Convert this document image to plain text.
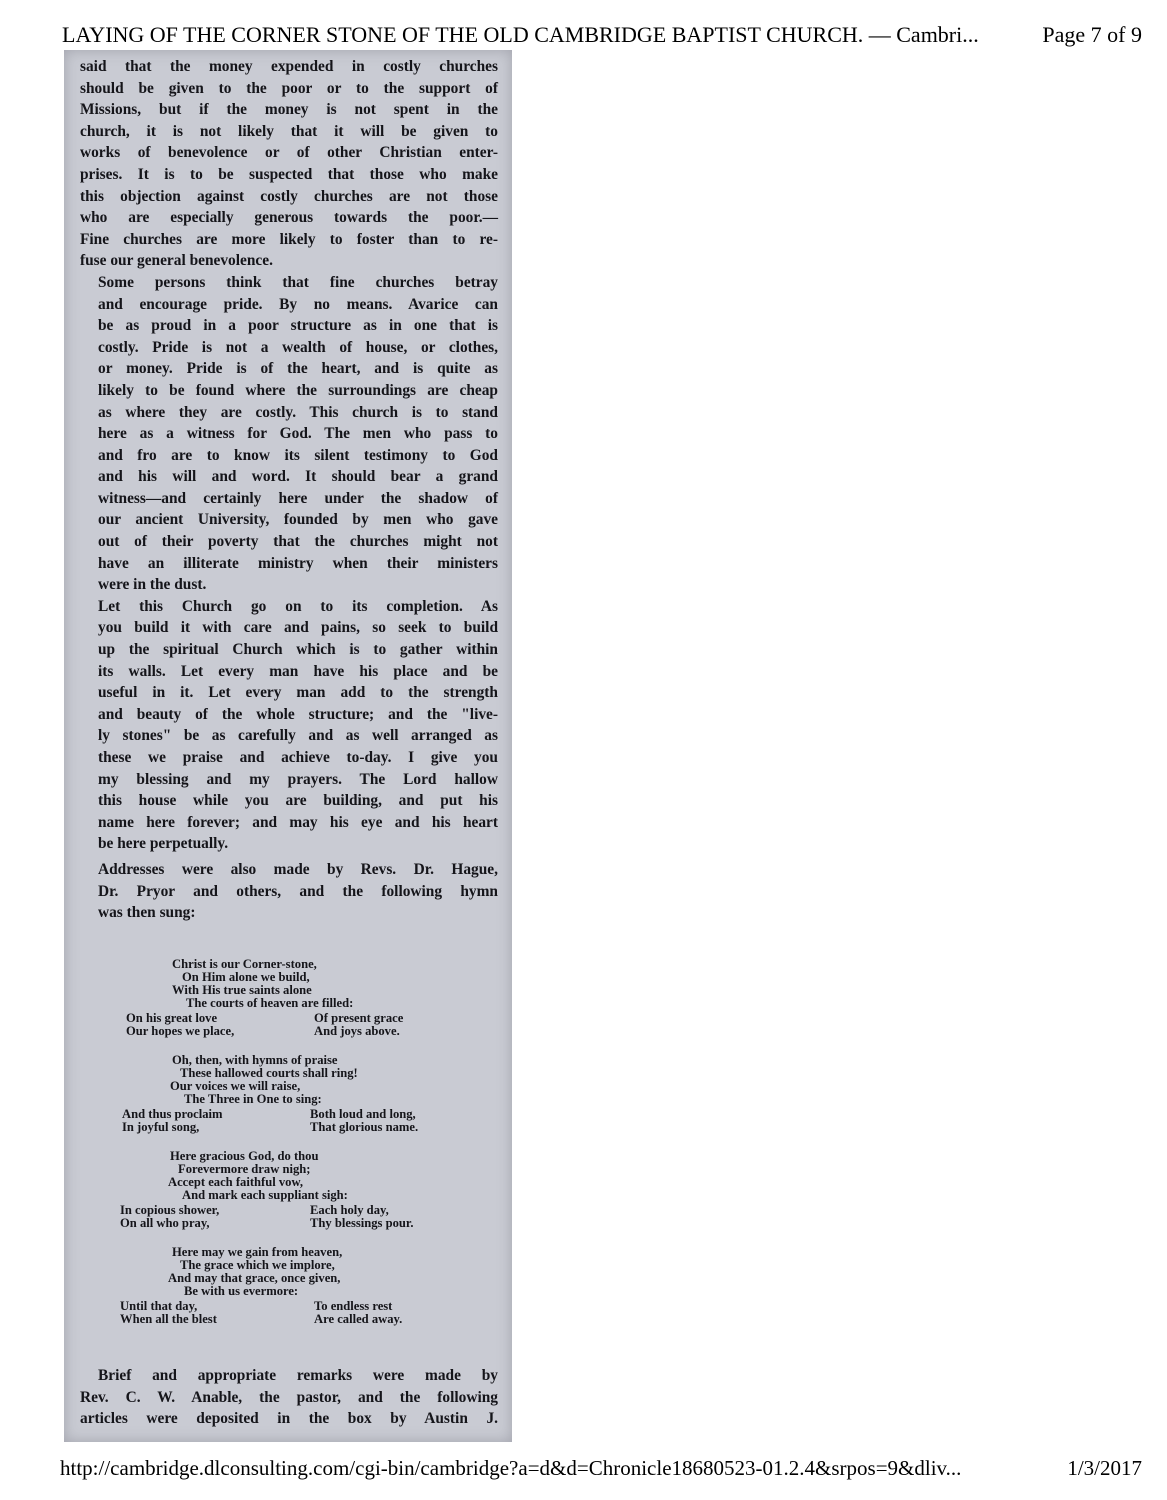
LAYING OF THE CORNER STONE OF THE OLD CAMBRIDGE BAPTIST CHURCH. — Cambri...	Page 7 of 9

said that the money expended in costly churches
should be given to the poor or to the support of
Missions, but if the money is not spent in the
church, it is not likely that it will be given to
works of benevolence or of other Christian enter-
prises. It is to be suspected that those who make
this objection against costly churches are not those
who are especially generous towards the poor.—
Fine churches are more likely to foster than to re-
fuse our general benevolence.

Some persons think that fine churches betray
and encourage pride. By no means. Avarice can
be as proud in a poor structure as in one that is
costly. Pride is not a wealth of house, or clothes,
or money. Pride is of the heart, and is quite as
likely to be found where the surroundings are cheap
as where they are costly. This church is to stand
here as a witness for God. The men who pass to
and fro are to know its silent testimony to God
and his will and word. It should bear a grand
witness—and certainly here under the shadow of
our ancient University, founded by men who gave
out of their poverty that the churches might not
have an illiterate ministry when their ministers
were in the dust.

Let this Church go on to its completion. As
you build it with care and pains, so seek to build
up the spiritual Church which is to gather within
its walls. Let every man have his place and be
useful in it. Let every man add to the strength
and beauty of the whole structure; and the "live-
ly stones" be as carefully and as well arranged as
these we praise and achieve to-day. I give you
my blessing and my prayers. The Lord hallow
this house while you are building, and put his
name here forever; and may his eye and his heart
be here perpetually.

Addresses were also made by Revs. Dr. Hague,
Dr. Pryor and others, and the following hymn
was then sung:

Christ is our Corner-stone,
On Him alone we build,
With His true saints alone
The courts of heaven are filled:
On his great love	Of present grace
Our hopes we place,	And joys above.
Oh, then, with hymns of praise
These hallowed courts shall ring!
Our voices we will raise,
The Three in One to sing:
And thus proclaim	Both loud and long,
In joyful song,	That glorious name.
Here gracious God, do thou
Forevermore draw nigh;
Accept each faithful vow,
And mark each suppliant sigh:
In copious shower,	Each holy day,
On all who pray,	Thy blessings pour.
Here may we gain from heaven,
The grace which we implore,
And may that grace, once given,
Be with us evermore:
Until that day,	To endless rest
When all the blest	Are called away.
Brief and appropriate remarks were made by
Rev. C. W. Anable, the pastor, and the following
articles were deposited in the box by Austin J.
http://cambridge.dlconsulting.com/cgi-bin/cambridge?a=d&d=Chronicle18680523-01.2.4&srpos=9&dliv...	1/3/2017
